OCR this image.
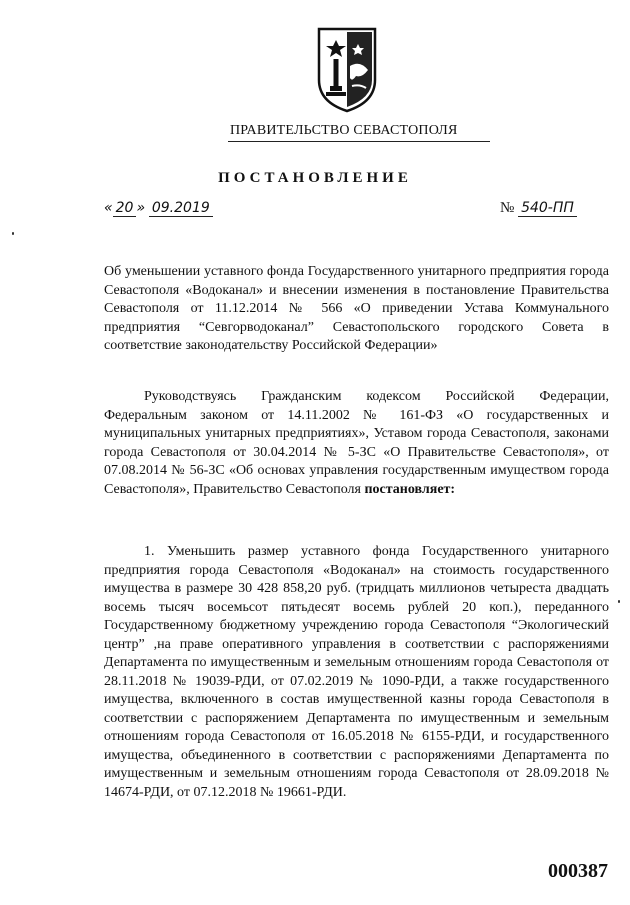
ПРАВИТЕЛЬСТВО СЕВАСТОПОЛЯ
ПОСТАНОВЛЕНИЕ
« 20 » 09.2019	№ 540-ПП

Об уменьшении уставного фонда Государственного унитарного предприятия города Севастополя «Водоканал» и внесении изменения в постановление Правительства Севастополя от 11.12.2014 № 566 «О приведении Устава Коммунального предприятия “Севгорводоканал” Севастопольского городского Совета в соответствие законодательству Российской Федерации»

Руководствуясь Гражданским кодексом Российской Федерации, Федеральным законом от 14.11.2002 № 161-ФЗ «О государственных и муниципальных унитарных предприятиях», Уставом города Севастополя, законами города Севастополя от 30.04.2014 № 5-ЗС «О Правительстве Севастополя», от 07.08.2014 № 56-ЗС «Об основах управления государственным имуществом города Севастополя», Правительство Севастополя постановляет:

1. Уменьшить размер уставного фонда Государственного унитарного предприятия города Севастополя «Водоканал» на стоимость государственного имущества в размере 30 428 858,20 руб. (тридцать миллионов четыреста двадцать восемь тысяч восемьсот пятьдесят восемь рублей 20 коп.), переданного Государственному бюджетному учреждению города Севастополя “Экологический центр” ,на праве оперативного управления в соответствии с распоряжениями Департамента по имущественным и земельным отношениям города Севастополя от 28.11.2018 № 19039-РДИ, от 07.02.2019 № 1090-РДИ, а также государственного имущества, включенного в состав имущественной казны города Севастополя в соответствии с распоряжением Департамента по имущественным и земельным отношениям города Севастополя от 16.05.2018 № 6155-РДИ, и государственного имущества, объединенного в соответствии с распоряжениями Департамента по имущественным и земельным отношениям города Севастополя от 28.09.2018 № 14674-РДИ, от 07.12.2018 № 19661-РДИ.

000387
